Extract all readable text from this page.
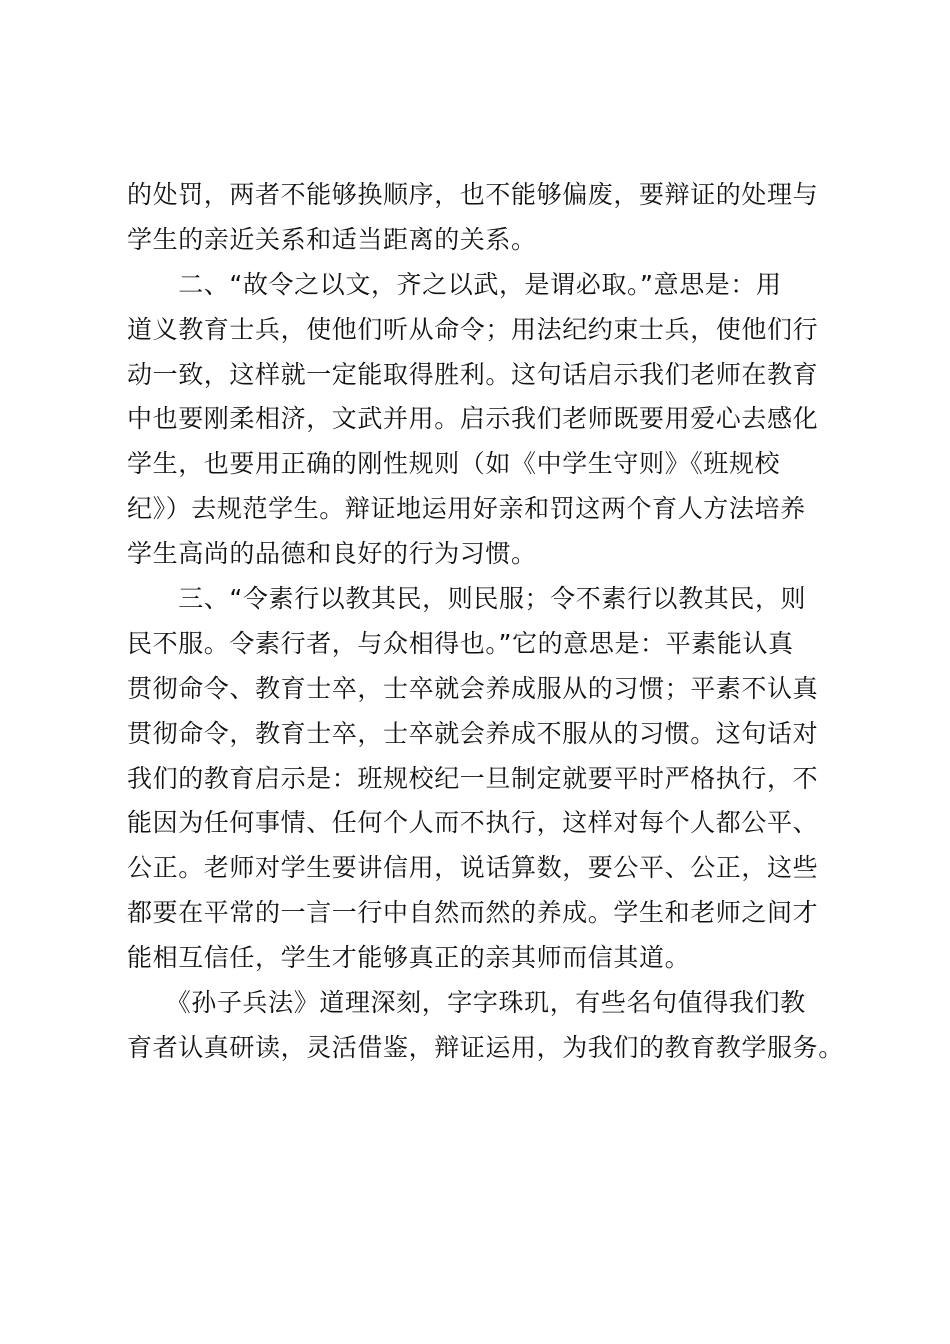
的处罚，两者不能够换顺序，也不能够偏废，要辩证的处理与
学生的亲近关系和适当距离的关系。
　　二、“故令之以文，齐之以武，是谓必取。”意思是：用
道义教育士兵，使他们听从命令；用法纪约束士兵，使他们行
动一致，这样就一定能取得胜利。这句话启示我们老师在教育
中也要刚柔相济，文武并用。启示我们老师既要用爱心去感化
学生，也要用正确的刚性规则（如《中学生守则》《班规校
纪》）去规范学生。辩证地运用好亲和罚这两个育人方法培养
学生高尚的品德和良好的行为习惯。
　　三、“令素行以教其民，则民服；令不素行以教其民，则
民不服。令素行者，与众相得也。”它的意思是：平素能认真
贯彻命令、教育士卒，士卒就会养成服从的习惯；平素不认真
贯彻命令，教育士卒，士卒就会养成不服从的习惯。这句话对
我们的教育启示是：班规校纪一旦制定就要平时严格执行，不
能因为任何事情、任何个人而不执行，这样对每个人都公平、
公正。老师对学生要讲信用，说话算数，要公平、公正，这些
都要在平常的一言一行中自然而然的养成。学生和老师之间才
能相互信任，学生才能够真正的亲其师而信其道。
　　《孙子兵法》道理深刻，字字珠玑，有些名句值得我们教
育者认真研读，灵活借鉴，辩证运用，为我们的教育教学服务。
